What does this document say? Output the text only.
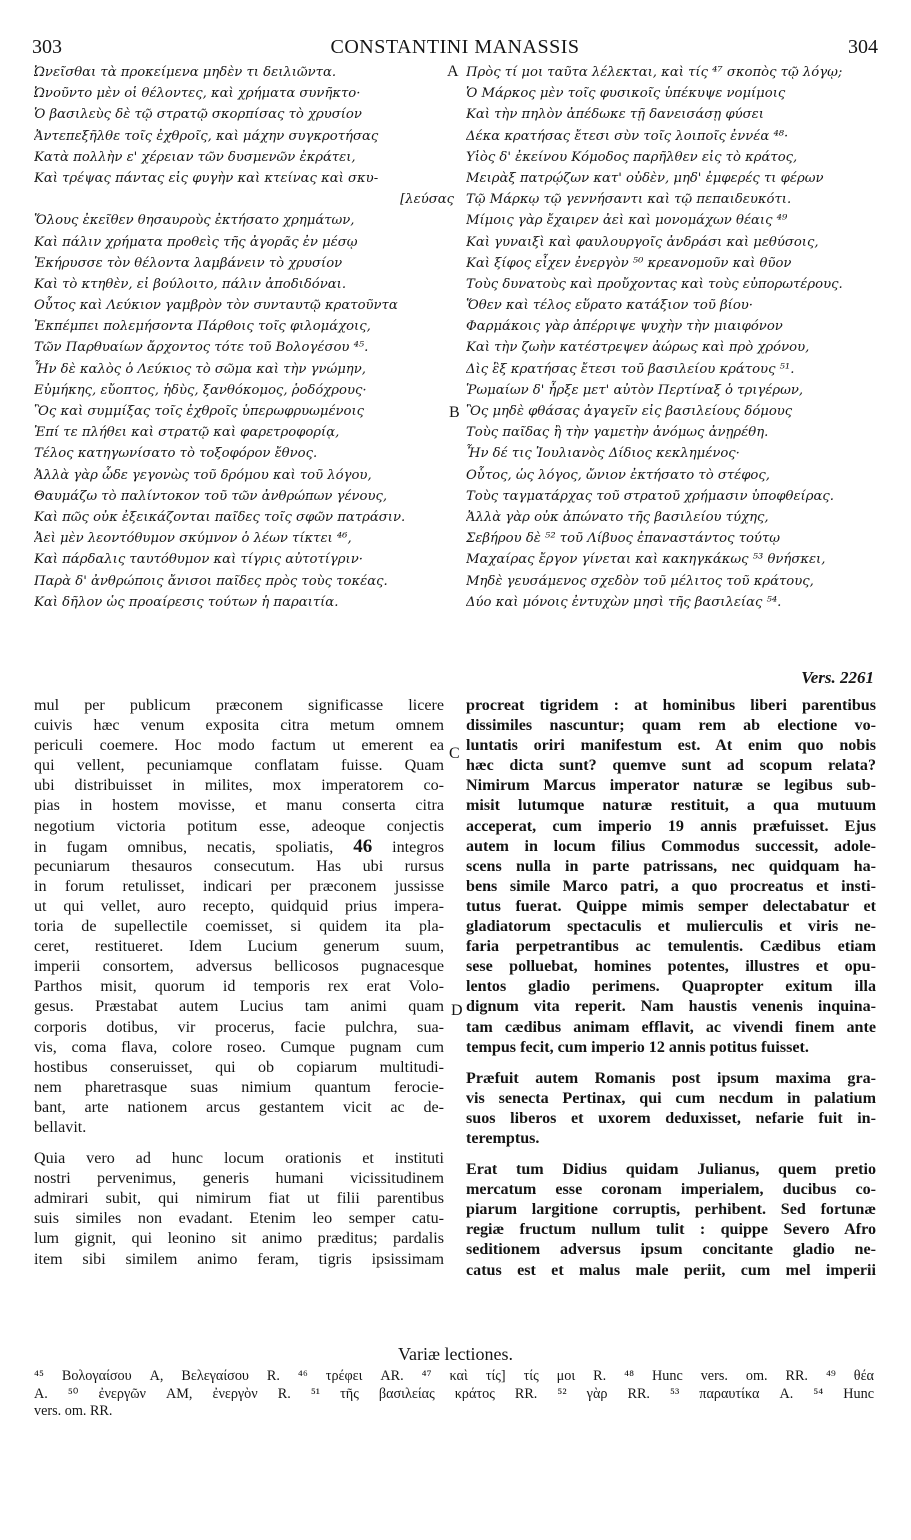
303	CONSTANTINI MANASSIS	304
Ὠνεῖσθαι τὰ προκείμενα μηδὲν τι δειλιῶντα.
Ὠνοῦντο μὲν οἱ θέλοντες, καὶ χρήματα συνῆκτο·
Ὁ βασιλεὺς δὲ τῷ στρατῷ σκορπίσας τὸ χρυσίον
Ἀντεπεξῆλθε τοῖς ἐχθροῖς, καὶ μάχην συγκροτήσας
Κατὰ πολλὴν ε' χέρειαν τῶν δυσμενῶν ἐκράτει,
Καὶ τρέψας πάντας εἰς φυγὴν καὶ κτείνας καὶ σκυ-
[λεύσας
Ὅλους ἐκεῖθεν θησαυροὺς ἐκτήσατο χρημάτων,
Καὶ πάλιν χρήματα προθεὶς τῆς ἀγορᾶς ἐν μέσῳ
Ἐκήρυσσε τὸν θέλοντα λαμβάνειν τὸ χρυσίον
Καὶ τὸ κτηθὲν, εἰ βούλοιτο, πάλιν ἀποδιδόναι.
Οὗτος καὶ Λεύκιον γαμβρὸν τὸν συνταυτῷ κρατοῦντα
Ἐκπέμπει πολεμήσοντα Πάρθοις τοῖς φιλομάχοις,
Τῶν Παρθυαίων ἄρχοντος τότε τοῦ Βολογέσου ⁴⁵.
Ἦν δὲ καλὸς ὁ Λεύκιος τὸ σῶμα καὶ τὴν γνώμην,
Εὐμήκης, εὔοπτος, ἡδὺς, ξανθόκομος, ῥοδόχρους·
Ὃς καὶ συμμίξας τοῖς ἐχθροῖς ὑπερωφρυωμένοις
Ἐπί τε πλήθει καὶ στρατῷ καὶ φαρετροφορίᾳ,
Τέλος κατηγωνίσατο τὸ τοξοφόρον ἔθνος.
Ἀλλὰ γὰρ ὧδε γεγονὼς τοῦ δρόμου καὶ τοῦ λόγου,
Θαυμάζω τὸ παλίντοκον τοῦ τῶν ἀνθρώπων γένους,
Καὶ πῶς οὐκ ἐξεικάζονται παῖδες τοῖς σφῶν πατράσιν.
Ἀεὶ μὲν λεοντόθυμον σκύμνον ὁ λέων τίκτει ⁴⁶,
Καὶ πάρδαλις ταυτόθυμον καὶ τίγρις αὐτοτίγριν·
Παρὰ δ' ἀνθρώποις ἄνισοι παῖδες πρὸς τοὺς τοκέας.
Καὶ δῆλον ὡς προαίρεσις τούτων ἡ παραιτία.
Πρὸς τί μοι ταῦτα λέλεκται, καὶ τίς ⁴⁷ σκοπὸς τῷ λόγῳ;
Ὁ Μάρκος μὲν τοῖς φυσικοῖς ὑπέκυψε νομίμοις
Καὶ τὴν πηλὸν ἀπέδωκε τῇ δανεισάσῃ φύσει
Δέκα κρατήσας ἔτεσι σὺν τοῖς λοιποῖς ἐννέα ⁴⁸·
Υἱὸς δ' ἐκείνου Κόμοδος παρῆλθεν εἰς τὸ κράτος,
Μειρὰξ πατρῴζων κατ' οὐδὲν, μηδ' ἐμφερές τι φέρων
Τῷ Μάρκῳ τῷ γεννήσαντι καὶ τῷ πεπαιδευκότι.
Μίμοις γὰρ ἔχαιρεν ἀεὶ καὶ μονομάχων θέαις ⁴⁹
Καὶ γυναιξὶ καὶ φαυλουργοῖς ἀνδράσι καὶ μεθύσοις,
Καὶ ξίφος εἶχεν ἐνεργὸν ⁵⁰ κρεανομοῦν καὶ θῦον
Τοὺς δυνατοὺς καὶ προὔχοντας καὶ τοὺς εὐπορωτέρους.
Ὅθεν καὶ τέλος εὕρατο κατάξιον τοῦ βίου·
Φαρμάκοις γὰρ ἀπέρριψε ψυχὴν τὴν μιαιφόνον
Καὶ τὴν ζωὴν κατέστρεψεν ἀώρως καὶ πρὸ χρόνου,
Δὶς ἓξ κρατήσας ἔτεσι τοῦ βασιλείου κράτους ⁵¹.
Ῥωμαίων δ' ἦρξε μετ' αὐτὸν Περτίναξ ὁ τριγέρων,
Ὃς μηδὲ φθάσας ἀγαγεῖν εἰς βασιλείους δόμους
Τοὺς παῖδας ἢ τὴν γαμετὴν ἀνόμως ἀνῃρέθη.
Ἦν δέ τις Ἰουλιανὸς Δίδιος κεκλημένος·
Οὗτος, ὡς λόγος, ὤνιον ἐκτήσατο τὸ στέφος,
Τοὺς ταγματάρχας τοῦ στρατοῦ χρήμασιν ὑποφθείρας.
Ἀλλὰ γὰρ οὐκ ἀπώνατο τῆς βασιλείου τύχης,
Σεβήρου δὲ ⁵² τοῦ Λίβυος ἐπαναστάντος τούτῳ
Μαχαίρας ἔργον γίνεται καὶ κακηγκάκως ⁵³ θνήσκει,
Μηδὲ γευσάμενος σχεδὸν τοῦ μέλιτος τοῦ κράτους,
Δύο καὶ μόνοις ἐντυχὼν μησὶ τῆς βασιλείας ⁵⁴.
A
B
C
D
Vers. 2261
mul per publicum præconem significasse licere
cuivis hæc venum exposita citra metum omnem
periculi coemere. Hoc modo factum ut emerent ea
qui vellent, pecuniamque conflatam fuisse. Quam
ubi distribuisset in milites, mox imperatorem co-
pias in hostem movisse, et manu conserta citra
negotium victoria potitum esse, adeoque conjectis
in fugam omnibus, necatis, spoliatis, 46 integros
pecuniarum thesauros consecutum. Has ubi rursus
in forum retulisset, indicari per præconem jussisse
ut qui vellet, auro recepto, quidquid prius impera-
toria de supellectile coemisset, si quidem ita pla-
ceret, restitueret. Idem Lucium generum suum,
imperii consortem, adversus bellicosos pugnacesque
Parthos misit, quorum id temporis rex erat Volo-
gesus. Præstabat autem Lucius tam animi quam
corporis dotibus, vir procerus, facie pulchra, sua-
vis, coma flava, colore roseo. Cumque pugnam cum
hostibus conseruisset, qui ob copiarum multitudi-
nem pharetrasque suas nimium quantum ferocie-
bant, arte nationem arcus gestantem vicit ac de-
bellavit.
Quia vero ad hunc locum orationis et instituti
nostri pervenimus, generis humani vicissitudinem
admirari subit, qui nimirum fiat ut filii parentibus
suis similes non evadant. Etenim leo semper catu-
lum gignit, qui leonino sit animo præditus; pardalis
item sibi similem animo feram, tigris ipsissimam
procreat tigridem : at hominibus liberi parentibus
dissimiles nascuntur; quam rem ab electione vo-
luntatis oriri manifestum est. At enim quo nobis
hæc dicta sunt? quemve sunt ad scopum relata?
Nimirum Marcus imperator naturæ se legibus sub-
misit lutumque naturæ restituit, a qua mutuum
acceperat, cum imperio 19 annis præfuisset. Ejus
autem in locum filius Commodus successit, adole-
scens nulla in parte patrissans, nec quidquam ha-
bens simile Marco patri, a quo procreatus et insti-
tutus fuerat. Quippe mimis semper delectabatur et
gladiatorum spectaculis et mulierculis et viris ne-
faria perpetrantibus ac temulentis. Cædibus etiam
sese polluebat, homines potentes, illustres et opu-
lentos gladio perimens. Quapropter exitum illa
dignum vita reperit. Nam haustis venenis inquina-
tam cædibus animam efflavit, ac vivendi finem ante
tempus fecit, cum imperio 12 annis potitus fuisset.
Præfuit autem Romanis post ipsum maxima gra-
vis senecta Pertinax, qui cum necdum in palatium
suos liberos et uxorem deduxisset, nefarie fuit in-
teremptus.
Erat tum Didius quidam Julianus, quem pretio
mercatum esse coronam imperialem, ducibus co-
piarum largitione corruptis, perhibent. Sed fortunæ
regiæ fructum nullum tulit : quippe Severo Afro
seditionem adversus ipsum concitante gladio ne-
catus est et malus male periit, cum mel imperii
Variæ lectiones.
⁴⁵ Βολογαίσου A, Βελεγαίσου R. ⁴⁶ τρέφει AR. ⁴⁷ καὶ τίς] τίς μοι R. ⁴⁸ Hunc vers. om. RR. ⁴⁹ θέα
A. ⁵⁰ ἐνεργῶν AM, ἐνεργὸν R. ⁵¹ τῆς βασιλείας κράτος RR. ⁵² γὰρ RR. ⁵³ παραυτίκα A. ⁵⁴ Hunc
vers. om. RR.
